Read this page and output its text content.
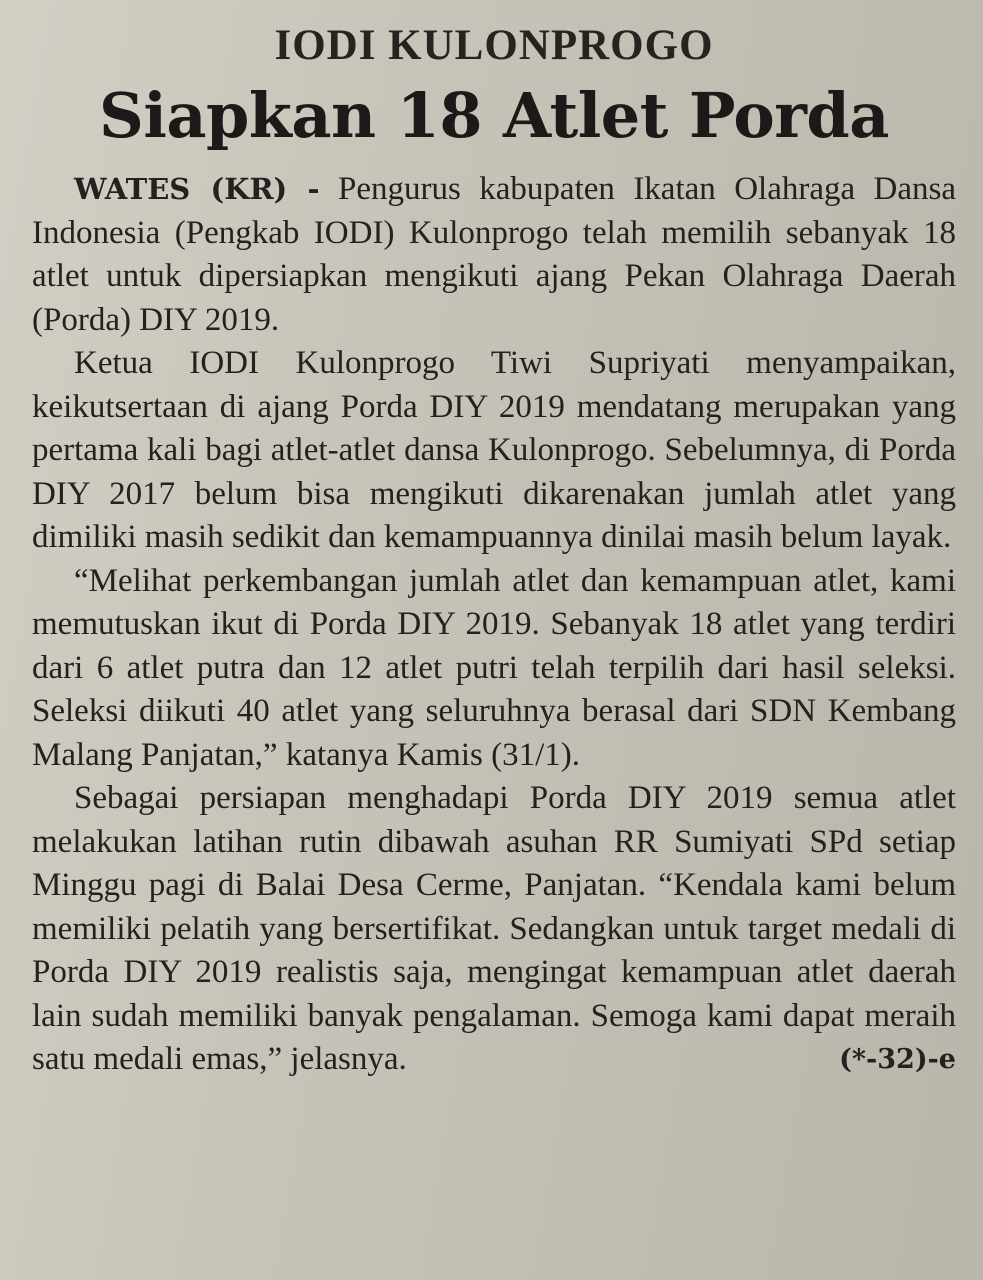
IODI KULONPROGO
Siapkan 18 Atlet Porda

WATES (KR) - Pengurus kabupaten Ikatan Olahraga Dansa Indonesia (Pengkab IODI) Kulonprogo telah memilih sebanyak 18 atlet untuk dipersiapkan mengikuti ajang Pekan Olahraga Daerah (Porda) DIY 2019.

Ketua IODI Kulonprogo Tiwi Supriyati menyampaikan, keikutsertaan di ajang Porda DIY 2019 mendatang merupakan yang pertama kali bagi atlet-atlet dansa Kulonprogo. Sebelumnya, di Porda DIY 2017 belum bisa mengikuti dikarenakan jumlah atlet yang dimiliki masih sedikit dan kemampuannya dinilai masih belum layak.

“Melihat perkembangan jumlah atlet dan kemampuan atlet, kami memutuskan ikut di Porda DIY 2019. Sebanyak 18 atlet yang terdiri dari 6 atlet putra dan 12 atlet putri telah terpilih dari hasil seleksi. Seleksi diikuti 40 atlet yang seluruhnya berasal dari SDN Kembang Malang Panjatan,” katanya Kamis (31/1).

Sebagai persiapan menghadapi Porda DIY 2019 semua atlet melakukan latihan rutin dibawah asuhan RR Sumiyati SPd setiap Minggu pagi di Balai Desa Cerme, Panjatan. “Kendala kami belum memiliki pelatih yang bersertifikat. Sedangkan untuk target medali di Porda DIY 2019 realistis saja, mengingat kemampuan atlet daerah lain sudah memiliki banyak pengalaman. Semoga kami dapat meraih satu medali emas,” jelasnya.	(*-32)-e
